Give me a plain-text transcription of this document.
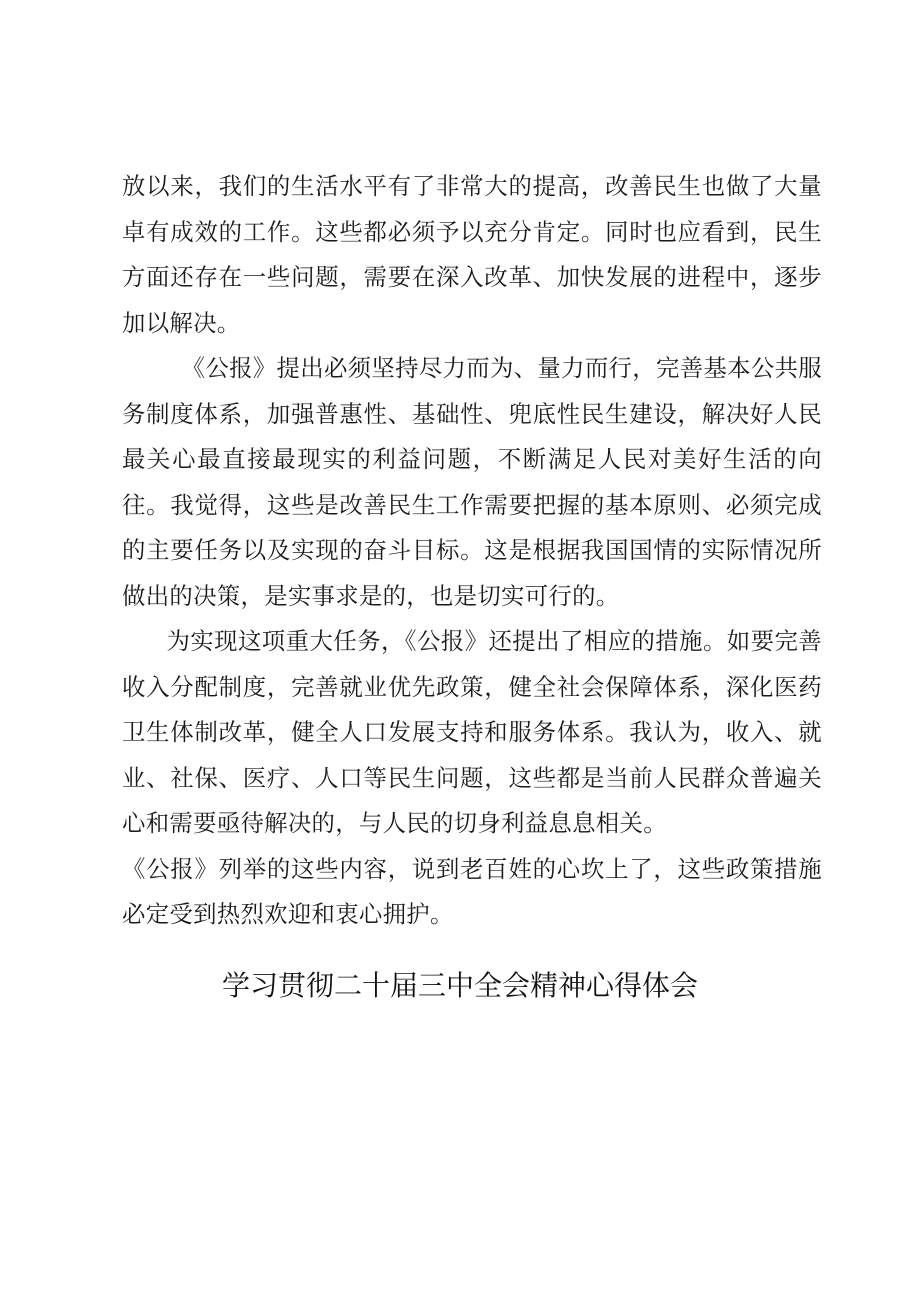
放以来，我们的生活水平有了非常大的提高，改善民生也做了大量卓有成效的工作。这些都必须予以充分肯定。同时也应看到，民生方面还存在一些问题，需要在深入改革、加快发展的进程中，逐步加以解决。

《公报》提出必须坚持尽力而为、量力而行，完善基本公共服务制度体系，加强普惠性、基础性、兜底性民生建设，解决好人民最关心最直接最现实的利益问题，不断满足人民对美好生活的向往。我觉得，这些是改善民生工作需要把握的基本原则、必须完成的主要任务以及实现的奋斗目标。这是根据我国国情的实际情况所做出的决策，是实事求是的，也是切实可行的。

为实现这项重大任务，《公报》还提出了相应的措施。如要完善收入分配制度，完善就业优先政策，健全社会保障体系，深化医药卫生体制改革，健全人口发展支持和服务体系。我认为，收入、就业、社保、医疗、人口等民生问题，这些都是当前人民群众普遍关心和需要亟待解决的，与人民的切身利益息息相关。

《公报》列举的这些内容，说到老百姓的心坎上了，这些政策措施必定受到热烈欢迎和衷心拥护。

学习贯彻二十届三中全会精神心得体会
